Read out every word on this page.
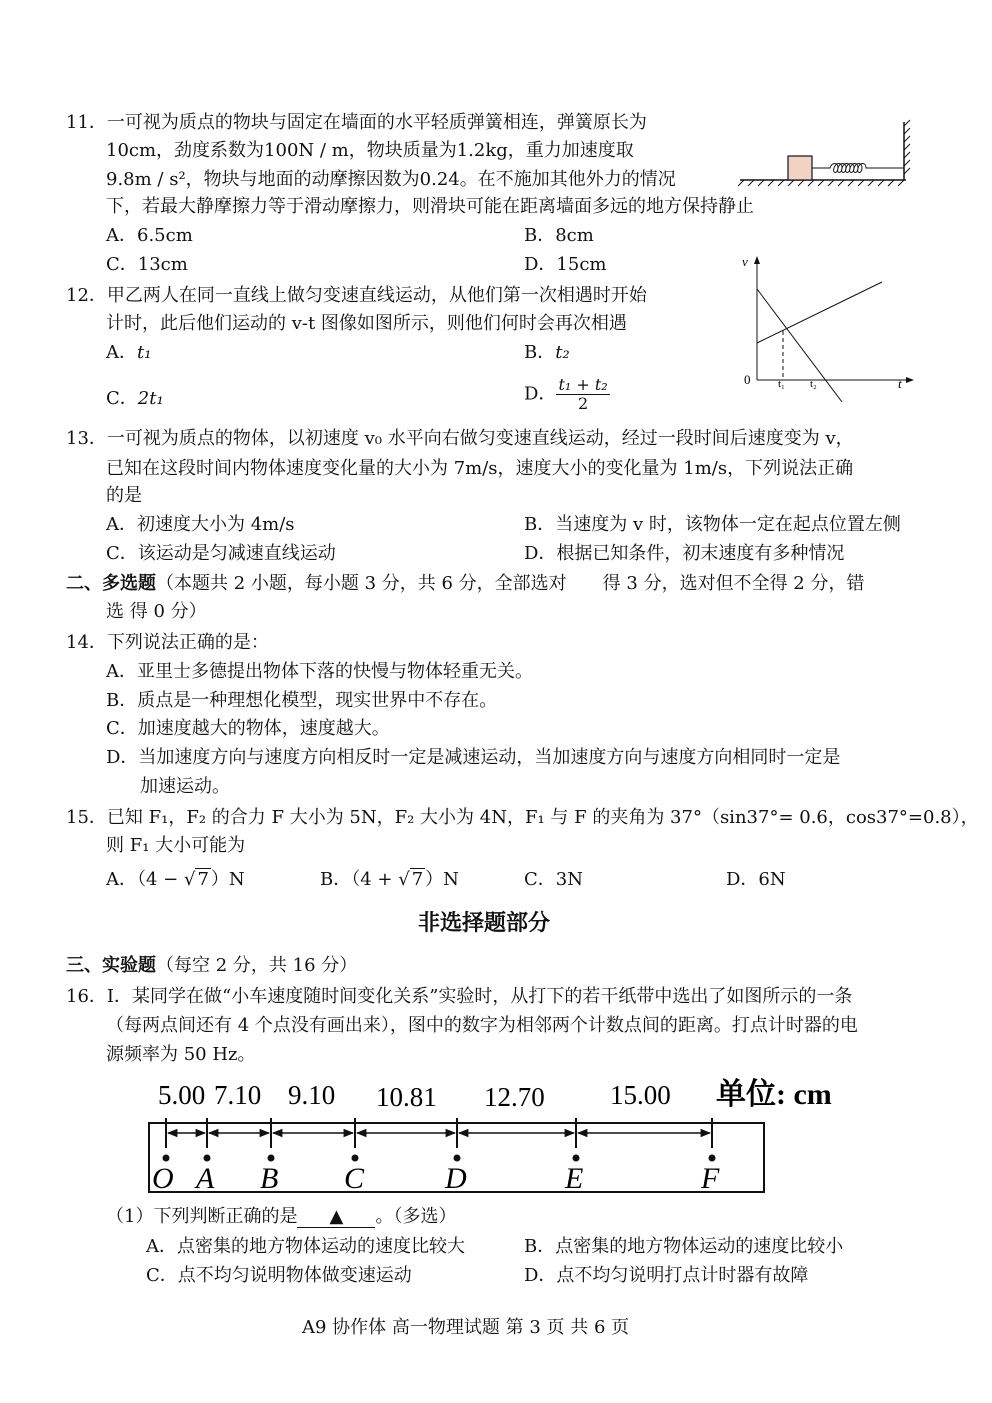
11．一可视为质点的物块与固定在墙面的水平轻质弹簧相连，弹簧原长为
10cm，劲度系数为100N / m，物块质量为1.2kg，重力加速度取
9.8m / s²，物块与地面的动摩擦因数为0.24。在不施加其他外力的情况
下，若最大静摩擦力等于滑动摩擦力，则滑块可能在距离墙面多远的地方保持静止
A．6.5cm	B．8cm
C．13cm	D．15cm
12．甲乙两人在同一直线上做匀变速直线运动，从他们第一次相遇时开始
计时，此后他们运动的 v-t 图像如图所示，则他们何时会再次相遇
A．t₁	B．t₂
C．2t₁	D． $\frac{\text{t₁ + t₂}}{2}$
v
t
0	t₁ t₂
13．一可视为质点的物体，以初速度 v₀ 水平向右做匀变速直线运动，经过一段时间后速度变为 v，
已知在这段时间内物体速度变化量的大小为 7m/s，速度大小的变化量为 1m/s，下列说法正确
的是
A．初速度大小为 4m/s	B．当速度为 v 时，该物体一定在起点位置左侧
C．该运动是匀减速直线运动	D．根据已知条件，初末速度有多种情况
二、多选题（本题共 2 小题，每小题 3 分，共 6 分，全部选对　　得 3 分，选对但不全得 2 分，错
选 得 0 分）
14．下列说法正确的是：
A．亚里士多德提出物体下落的快慢与物体轻重无关。
B．质点是一种理想化模型，现实世界中不存在。
C．加速度越大的物体，速度越大。
D．当加速度方向与速度方向相反时一定是减速运动，当加速度方向与速度方向相同时一定是
加速运动。
15．已知 F₁，F₂ 的合力 F 大小为 5N，F₂ 大小为 4N，F₁ 与 F 的夹角为 37°（sin37°= 0.6，cos37°=0.8），
则 F₁ 大小可能为
A．（4 − √ 7 ）N	B．（4 + √ 7 ）N	C．3N	D．6N
非选择题部分
三、实验题（每空 2 分，共 16 分）
16．I．某同学在做“小车速度随时间变化关系”实验时，从打下的若干纸带中选出了如图所示的一条
（每两点间还有 4 个点没有画出来），图中的数字为相邻两个计数点间的距离。打点计时器的电
源频率为 50 Hz。
5.00 7.10 9.10 10.81 12.70 15.00 单位: cm
O A B C	D	E	F
（1）下列判断正确的是 ▲ 。（多选）
A．点密集的地方物体运动的速度比较大	B．点密集的地方物体运动的速度比较小
C．点不均匀说明物体做变速运动	D．点不均匀说明打点计时器有故障
A9 协作体 高一物理试题 第 3 页 共 6 页
